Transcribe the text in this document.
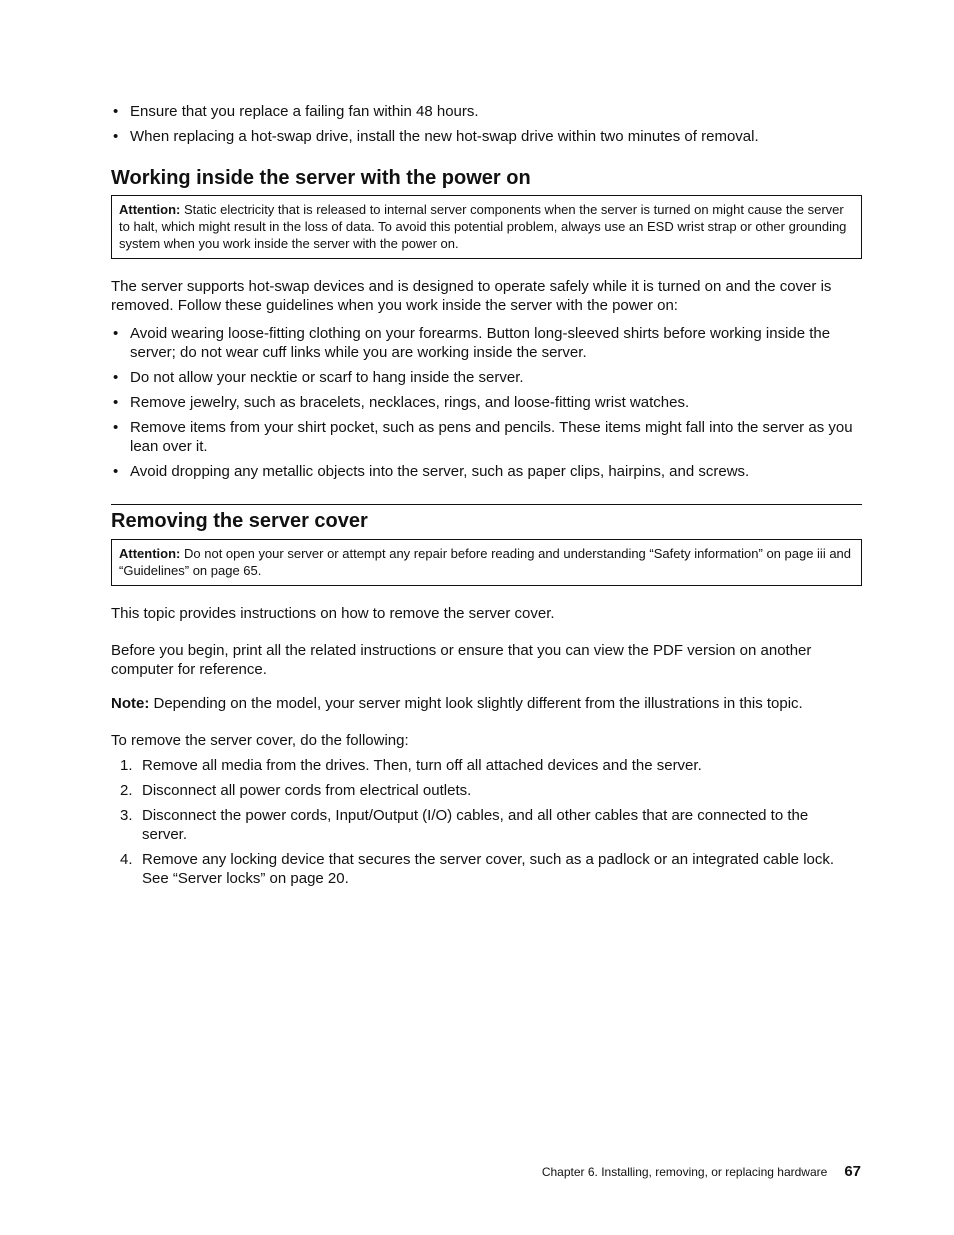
• Ensure that you replace a failing fan within 48 hours.
• When replacing a hot-swap drive, install the new hot-swap drive within two minutes of removal.
Working inside the server with the power on
Attention: Static electricity that is released to internal server components when the server is turned on might cause the server to halt, which might result in the loss of data. To avoid this potential problem, always use an ESD wrist strap or other grounding system when you work inside the server with the power on.

The server supports hot-swap devices and is designed to operate safely while it is turned on and the cover is removed. Follow these guidelines when you work inside the server with the power on:

• Avoid wearing loose-fitting clothing on your forearms. Button long-sleeved shirts before working inside the server; do not wear cuff links while you are working inside the server.
• Do not allow your necktie or scarf to hang inside the server.
• Remove jewelry, such as bracelets, necklaces, rings, and loose-fitting wrist watches.
• Remove items from your shirt pocket, such as pens and pencils. These items might fall into the server as you lean over it.
• Avoid dropping any metallic objects into the server, such as paper clips, hairpins, and screws.
Removing the server cover
Attention: Do not open your server or attempt any repair before reading and understanding “Safety information” on page iii and “Guidelines” on page 65.

This topic provides instructions on how to remove the server cover.

Before you begin, print all the related instructions or ensure that you can view the PDF version on another computer for reference.

Note: Depending on the model, your server might look slightly different from the illustrations in this topic.

To remove the server cover, do the following:

1. Remove all media from the drives. Then, turn off all attached devices and the server.
2. Disconnect all power cords from electrical outlets.
3. Disconnect the power cords, Input/Output (I/O) cables, and all other cables that are connected to the server.
4. Remove any locking device that secures the server cover, such as a padlock or an integrated cable lock. See “Server locks” on page 20.
Chapter 6. Installing, removing, or replacing hardware 67
